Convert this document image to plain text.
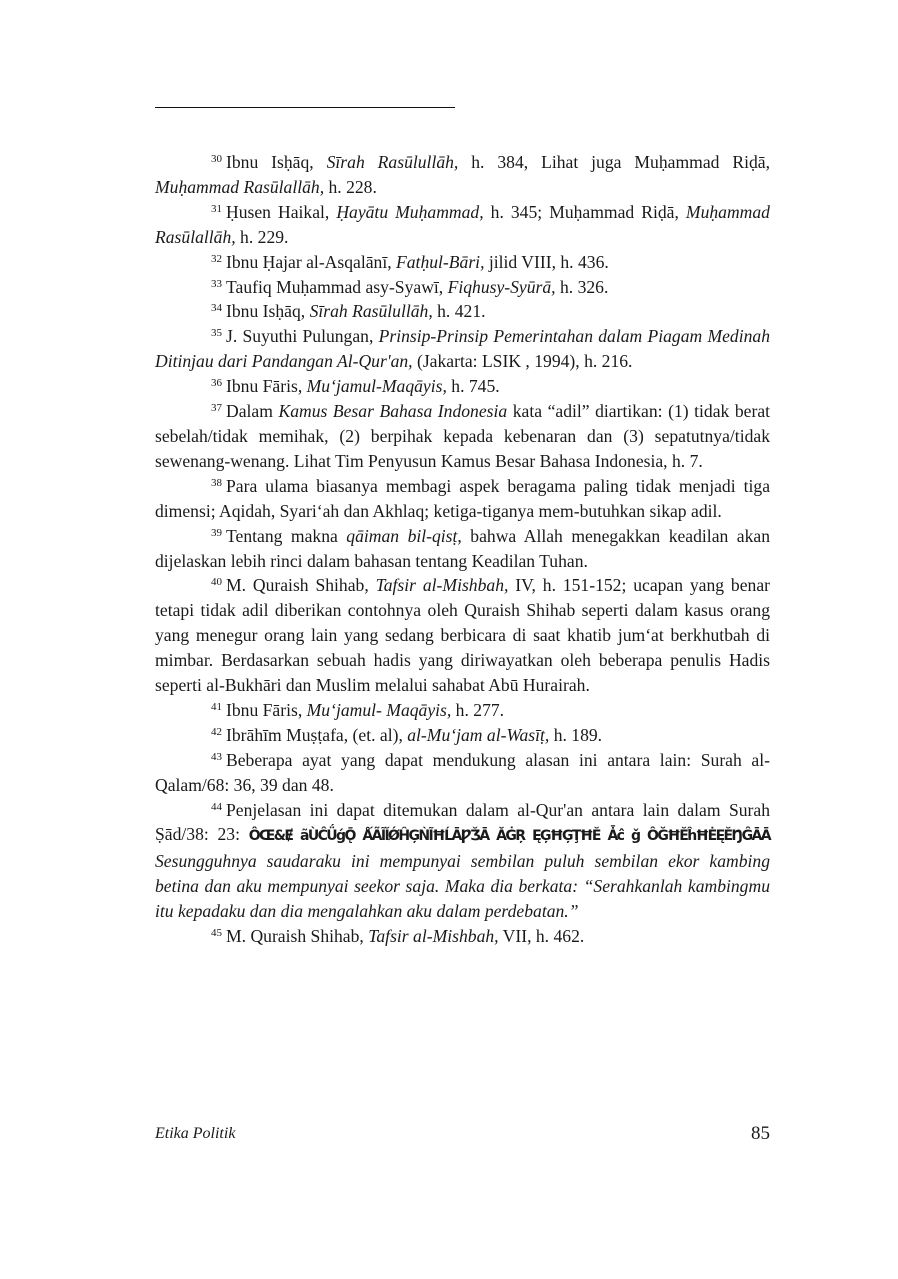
$^{30}$ Ibnu Isḥāq, Sīrah Rasūlullāh, h. 384, Lihat juga Muḥammad Riḍā, Muḥammad Rasūlallāh, h. 228.

$^{31}$ Ḥusen Haikal, Ḥayātu Muḥammad, h. 345; Muḥammad Riḍā, Muḥammad Rasūlallāh, h. 229.

$^{32}$ Ibnu Ḥajar al-Asqalānī, Fatḥul-Bāri, jilid VIII, h. 436.

$^{33}$ Taufiq Muḥammad asy-Syawī, Fiqhusy-Syūrā, h. 326.

$^{34}$ Ibnu Isḥāq, Sīrah Rasūlullāh, h. 421.

$^{35}$ J. Suyuthi Pulungan, Prinsip-Prinsip Pemerintahan dalam Piagam Medinah Ditinjau dari Pandangan Al-Qur'an, (Jakarta: LSIK , 1994), h. 216.

$^{36}$ Ibnu Fāris, Mu‘jamul-Maqāyis, h. 745.

$^{37}$ Dalam Kamus Besar Bahasa Indonesia kata “adil” diartikan: (1) tidak berat sebelah/tidak memihak, (2) berpihak kepada kebenaran dan (3) sepatutnya/tidak sewenang-wenang. Lihat Tim Penyusun Kamus Besar Bahasa Indonesia, h. 7.

$^{38}$ Para ulama biasanya membagi aspek beragama paling tidak menjadi tiga dimensi; Aqidah, Syari‘ah dan Akhlaq; ketiga-tiganya mem-butuhkan sikap adil.

$^{39}$ Tentang makna qāiman bil-qisṭ, bahwa Allah menegakkan keadilan akan dijelaskan lebih rinci dalam bahasan tentang Keadilan Tuhan.

$^{40}$ M. Quraish Shihab, Tafsir al-Mishbah, IV, h. 151-152; ucapan yang benar tetapi tidak adil diberikan contohnya oleh Quraish Shihab seperti dalam kasus orang yang menegur orang lain yang sedang berbicara di saat khatib jum‘at berkhutbah di mimbar. Berdasarkan sebuah hadis yang diriwayatkan oleh beberapa penulis Hadis seperti al-Bukhāri dan Muslim melalui sahabat Abū Hurairah.

$^{41}$ Ibnu Fāris, Mu‘jamul- Maqāyis, h. 277.

$^{42}$ Ibrāhīm Muṣṭafa, (et. al), al-Mu‘jam al-Wasīṭ, h. 189.

$^{43}$ Beberapa ayat yang dapat mendukung alasan ini antara lain: Surah al-Qalam/68: 36, 39 dan 48.

$^{44}$ Penjelasan ini dapat ditemukan dalam al-Qur'an antara lain dalam Surah Ṣād/38: 23: ÔŒ&Ɇ ãÙĈǗǵǬ ǺÃĨĬǾĤĢǸĨĦĹĀǷǮĀ ĂĠŖ ĘĢĦĢŢĦĔ Ǡĉ ǧ ÔĞĦĔĥĦĖĘĔŊĜĀĀ Sesungguhnya saudaraku ini mempunyai sembilan puluh sembilan ekor kambing betina dan aku mempunyai seekor saja. Maka dia berkata: “Serahkanlah kambingmu itu kepadaku dan dia mengalahkan aku dalam perdebatan.”

$^{45}$ M. Quraish Shihab, Tafsir al-Mishbah, VII, h. 462.

Etika Politik	85
